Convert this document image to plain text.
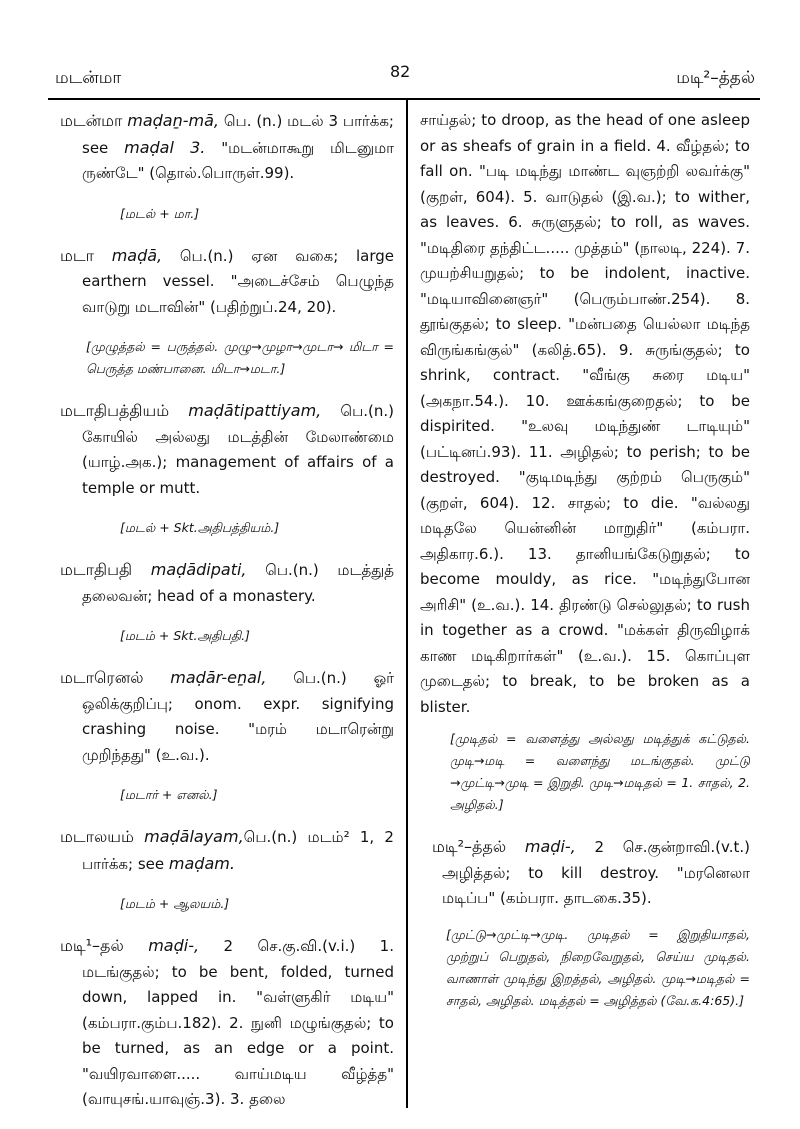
மடன்மா	82	மடி²–த்தல்

மடன்மா maḍaṉ-mā, பெ. (n.) மடல் 3 பார்க்க; see maḍal 3. "மடன்மாகூறு மிடனுமா ருண்டே" (தொல்.பொருள்.99).

[மடல் + மா.]

மடா maḍā, பெ.(n.) ஏன வகை; large earthern vessel. "அடைச்சேம் பெழுந்த வாடுறு மடாவின்" (பதிற்றுப்.24, 20).

[முழுத்தல் = பருத்தல். முழு→முழா→முடா→ மிடா = பெருத்த மண்பானை. மிடா→மடா.]

மடாதிபத்தியம் maḍātipattiyam, பெ.(n.) கோயில் அல்லது மடத்தின் மேலாண்மை (யாழ்.அக.); management of affairs of a temple or mutt.

[மடல் + Skt.அதிபத்தியம்.]

மடாதிபதி maḍādipati, பெ.(n.) மடத்துத் தலைவன்; head of a monastery.

[மடம் + Skt.அதிபதி.]

மடாரெனல் maḍār-eṉal, பெ.(n.) ஓர் ஒலிக்குறிப்பு; onom. expr. signifying crashing noise. "மரம் மடாரென்று முறிந்தது" (உ.வ.).

[மடார் + எனல்.]

மடாலயம் maḍālayam,பெ.(n.) மடம்² 1, 2 பார்க்க; see maḍam.

[மடம் + ஆலயம்.]

மடி¹–தல் maḍi-, 2 செ.கு.வி.(v.i.) 1. மடங்குதல்; to be bent, folded, turned down, lapped in. "வள்ளுகிர் மடிய" (கம்பரா.கும்ப.182). 2. நுனி மழுங்குதல்; to be turned, as an edge or a point. "வயிரவாளை..... வாய்மடிய வீழ்த்த" (வாயுசங்.யாவுஞ்.3). 3. தலை

சாய்தல்; to droop, as the head of one asleep or as sheafs of grain in a field. 4. வீழ்தல்; to fall on. "படி மடிந்து மாண்ட வுஞற்றி லவர்க்கு" (குறள், 604). 5. வாடுதல் (இ.வ.); to wither, as leaves. 6. சுருளுதல்; to roll, as waves. "மடிதிரை தந்திட்ட..... முத்தம்" (நாலடி, 224). 7. முயற்சியறுதல்; to be indolent, inactive. "மடியாவினைஞர்" (பெரும்பாண்.254). 8. தூங்குதல்; to sleep. "மன்பதை யெல்லா மடிந்த விருங்கங்குல்" (கலித்.65). 9. சுருங்குதல்; to shrink, contract. "வீங்கு சுரை மடிய" (அகநா.54.). 10. ஊக்கங்குறைதல்; to be dispirited. "உலவு மடிந்துண் டாடியும்" (பட்டினப்.93). 11. அழிதல்; to perish; to be destroyed. "குடிமடிந்து குற்றம் பெருகும்" (குறள், 604). 12. சாதல்; to die. "வல்லது மடிதலே யென்னின் மாறுதிர்" (கம்பரா. அதிகார.6.). 13. தானியங்கேடுறுதல்; to become mouldy, as rice. "மடிந்துபோன அரிசி" (உ.வ.). 14. திரண்டு செல்லுதல்; to rush in together as a crowd. "மக்கள் திருவிழாக் காண மடிகிறார்கள்" (உ.வ.). 15. கொப்புள முடைதல்; to break, to be broken as a blister.

[முடிதல் = வளைத்து அல்லது மடித்துக் கட்டுதல். முடி→மடி = வளைந்து மடங்குதல். முட்டு →முட்டி→முடி = இறுதி. முடி→மடிதல் = 1. சாதல், 2. அழிதல்.]

மடி²–த்தல் maḍi-, 2 செ.குன்றாவி.(v.t.) அழித்தல்; to kill destroy. "மரனெலா மடிப்ப" (கம்பரா. தாடகை.35).

[முட்டு→முட்டி→முடி. முடிதல் = இறுதியாதல், முற்றுப் பெறுதல், நிறைவேறுதல், செய்ய முடிதல். வாணாள் முடிந்து இறத்தல், அழிதல். முடி→மடிதல் = சாதல், அழிதல். மடித்தல் = அழித்தல் (வே.க.4:65).]
